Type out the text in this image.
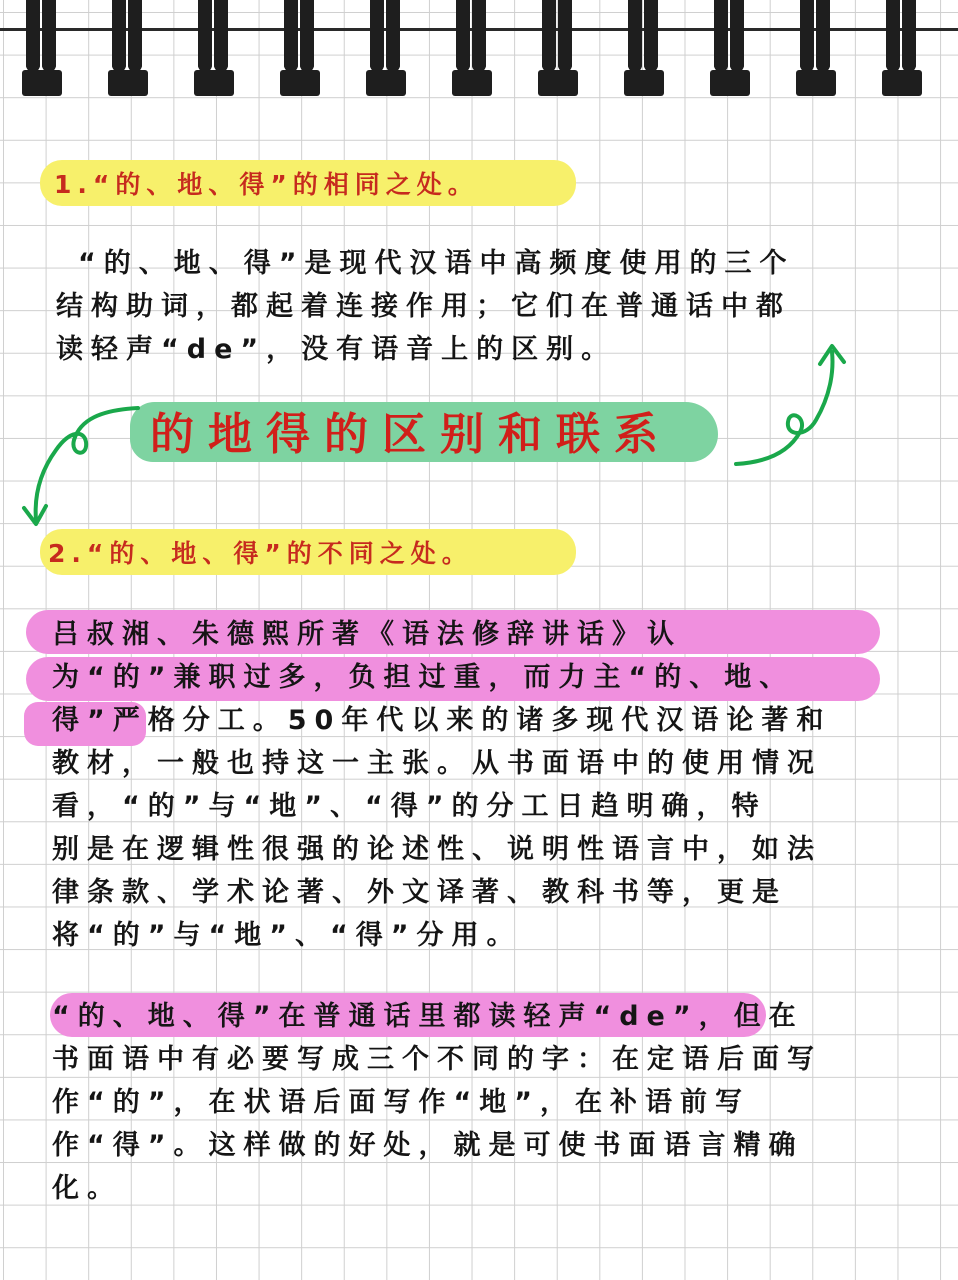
1.“的、地、得”的相同之处。
“的、地、得”是现代汉语中高频度使用的三个
结构助词，都起着连接作用；它们在普通话中都
读轻声“de”，没有语音上的区别。
的地得的区别和联系
2.“的、地、得”的不同之处。
吕叔湘、朱德熙所著《语法修辞讲话》认
为“的”兼职过多，负担过重，而力主“的、地、
得”严格分工。50年代以来的诸多现代汉语论著和
教材，一般也持这一主张。从书面语中的使用情况
看，“的”与“地”、“得”的分工日趋明确，特
别是在逻辑性很强的论述性、说明性语言中，如法
律条款、学术论著、外文译著、教科书等，更是
将“的”与“地”、“得”分用。
“的、地、得”在普通话里都读轻声“de”，但在
书面语中有必要写成三个不同的字：在定语后面写
作“的”，在状语后面写作“地”，在补语前写
作“得”。这样做的好处，就是可使书面语言精确
化。
